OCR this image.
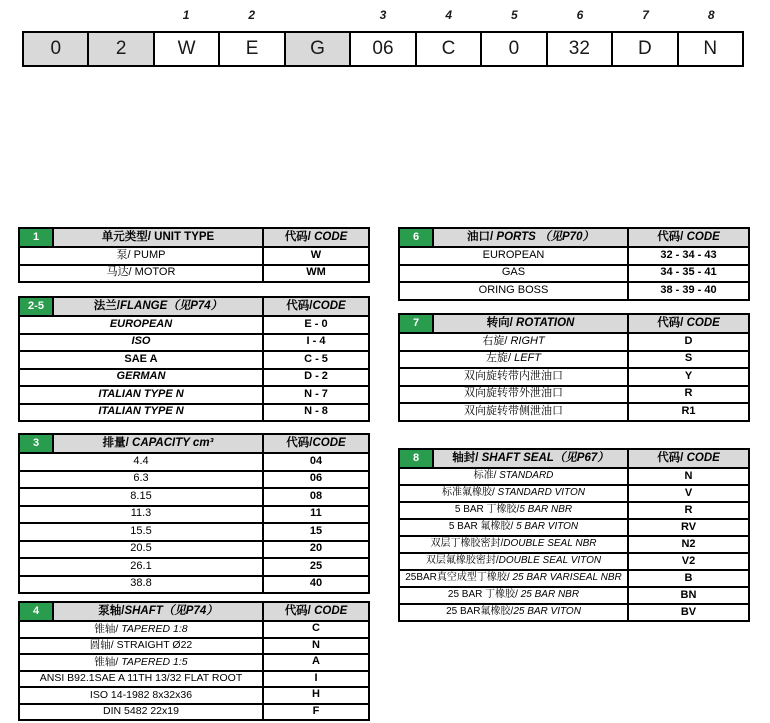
1	2	3	4	5	6	7	8
0	2	W	E	G	06	C	0	32	D	N
1	单元类型/ UNIT TYPE	代码/ CODE
泵/ PUMP		W
马达/ MOTOR		WM
2-5	法兰/FLANGE（见P74）	代码/CODE
EUROPEAN		E - 0
ISO		I - 4
SAE A		C - 5
GERMAN		D - 2
ITALIAN TYPE N		N - 7
ITALIAN TYPE N		N - 8
3	排量/ CAPACITY cm³	代码/CODE
4.4		04
6.3		06
8.15		08
11.3		11
15.5		15
20.5		20
26.1		25
38.8		40
4	泵轴/SHAFT（见P74）	代码/ CODE
锥轴/ TAPERED 1:8		C
圆轴/ STRAIGHT Ø22		N
锥轴/ TAPERED 1:5		A
ANSI B92.1SAE A 11TH 13/32 FLAT ROOT		I
ISO 14-1982 8x32x36		H
DIN 5482 22x19		F
6	油口/ PORTS （见P70）	代码/ CODE
EUROPEAN		32 - 34 - 43
GAS		34 - 35 - 41
ORING BOSS		38 - 39 - 40
7	转向/ ROTATION	代码/ CODE
右旋/ RIGHT		D
左旋/ LEFT		S
双向旋转带内泄油口		Y
双向旋转带外泄油口		R
双向旋转带侧泄油口		R1
8	轴封/ SHAFT SEAL（见P67）	代码/ CODE
标准/ STANDARD		N
标准氟橡胶/ STANDARD VITON		V
5 BAR 丁橡胶/5 BAR NBR		R
5 BAR 氟橡胶/ 5 BAR VITON		RV
双层丁橡胶密封/DOUBLE SEAL NBR		N2
双层氟橡胶密封/DOUBLE SEAL VITON		V2
25BAR真空成型丁橡胶/ 25 BAR VARISEAL NBR		B
25 BAR 丁橡胶/ 25 BAR NBR		BN
25 BAR氟橡胶/25 BAR VITON		BV
